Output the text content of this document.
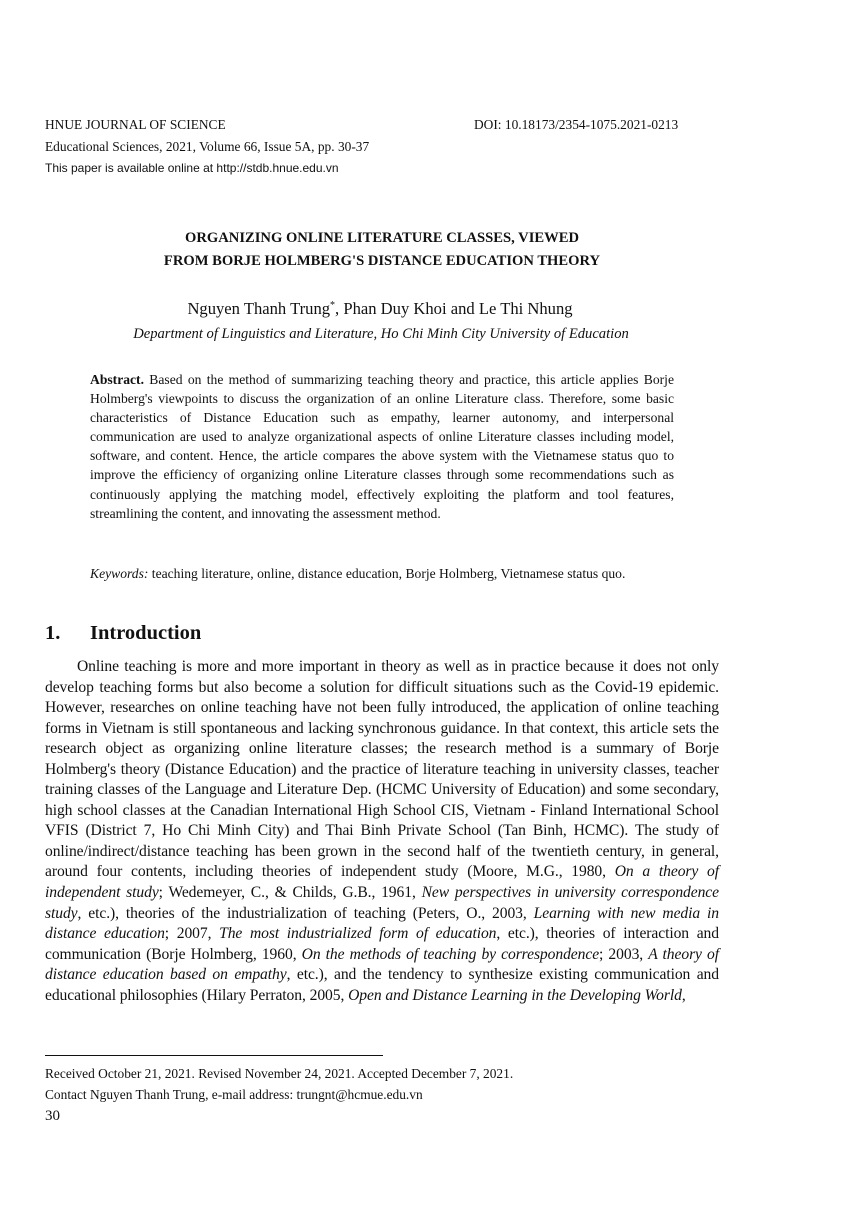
HNUE JOURNAL OF SCIENCE	DOI: 10.18173/2354-1075.2021-0213
Educational Sciences, 2021, Volume 66, Issue 5A, pp. 30-37
This paper is available online at http://stdb.hnue.edu.vn
ORGANIZING ONLINE LITERATURE CLASSES, VIEWED
FROM BORJE HOLMBERG'S DISTANCE EDUCATION THEORY
Nguyen Thanh Trung*, Phan Duy Khoi and Le Thi Nhung
Department of Linguistics and Literature, Ho Chi Minh City University of Education
Abstract. Based on the method of summarizing teaching theory and practice, this article applies Borje Holmberg's viewpoints to discuss the organization of an online Literature class. Therefore, some basic characteristics of Distance Education such as empathy, learner autonomy, and interpersonal communication are used to analyze organizational aspects of online Literature classes including model, software, and content. Hence, the article compares the above system with the Vietnamese status quo to improve the efficiency of organizing online Literature classes through some recommendations such as continuously applying the matching model, effectively exploiting the platform and tool features, streamlining the content, and innovating the assessment method.
Keywords: teaching literature, online, distance education, Borje Holmberg, Vietnamese status quo.
1. Introduction
Online teaching is more and more important in theory as well as in practice because it does not only develop teaching forms but also become a solution for difficult situations such as the Covid-19 epidemic. However, researches on online teaching have not been fully introduced, the application of online teaching forms in Vietnam is still spontaneous and lacking synchronous guidance. In that context, this article sets the research object as organizing online literature classes; the research method is a summary of Borje Holmberg's theory (Distance Education) and the practice of literature teaching in university classes, teacher training classes of the Language and Literature Dep. (HCMC University of Education) and some secondary, high school classes at the Canadian International High School CIS, Vietnam - Finland International School VFIS (District 7, Ho Chi Minh City) and Thai Binh Private School (Tan Binh, HCMC). The study of online/indirect/distance teaching has been grown in the second half of the twentieth century, in general, around four contents, including theories of independent study (Moore, M.G., 1980, On a theory of independent study; Wedemeyer, C., & Childs, G.B., 1961, New perspectives in university correspondence study, etc.), theories of the industrialization of teaching (Peters, O., 2003, Learning with new media in distance education; 2007, The most industrialized form of education, etc.), theories of interaction and communication (Borje Holmberg, 1960, On the methods of teaching by correspondence; 2003, A theory of distance education based on empathy, etc.), and the tendency to synthesize existing communication and educational philosophies (Hilary Perraton, 2005, Open and Distance Learning in the Developing World,
Received October 21, 2021. Revised November 24, 2021. Accepted December 7, 2021.
Contact Nguyen Thanh Trung, e-mail address: trungnt@hcmue.edu.vn
30
